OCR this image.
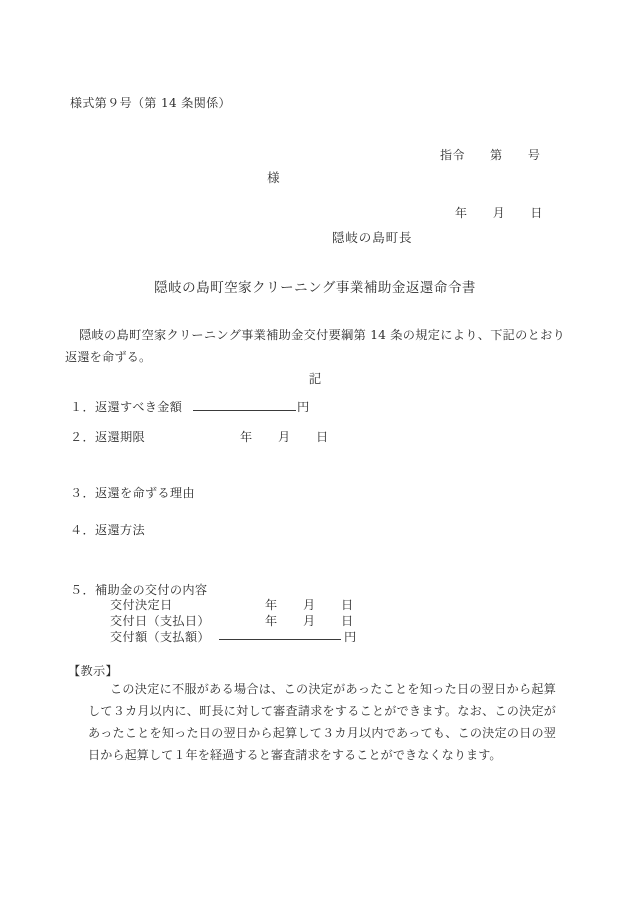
様式第９号（第 14 条関係）

指令 第 号

年 月 日

様
隠岐の島町長
隠岐の島町空家クリーニング事業補助金返還命令書
隠岐の島町空家クリーニング事業補助金交付要綱第 14 条の規定により、下記のとおり返還を命ずる。
記
１．返還すべき金額	円
２．返還期限	年 月 日
３．返還を命ずる理由
４．返還方法
５．補助金の交付の内容
交付決定日	年 月 日
交付日（支払日）	年 月 日
交付額（支払額）	円
【教示】
この決定に不服がある場合は、この決定があったことを知った日の翌日から起算して３カ月以内に、町長に対して審査請求をすることができます。なお、この決定があったことを知った日の翌日から起算して３カ月以内であっても、この決定の日の翌日から起算して１年を経過すると審査請求をすることができなくなります。
